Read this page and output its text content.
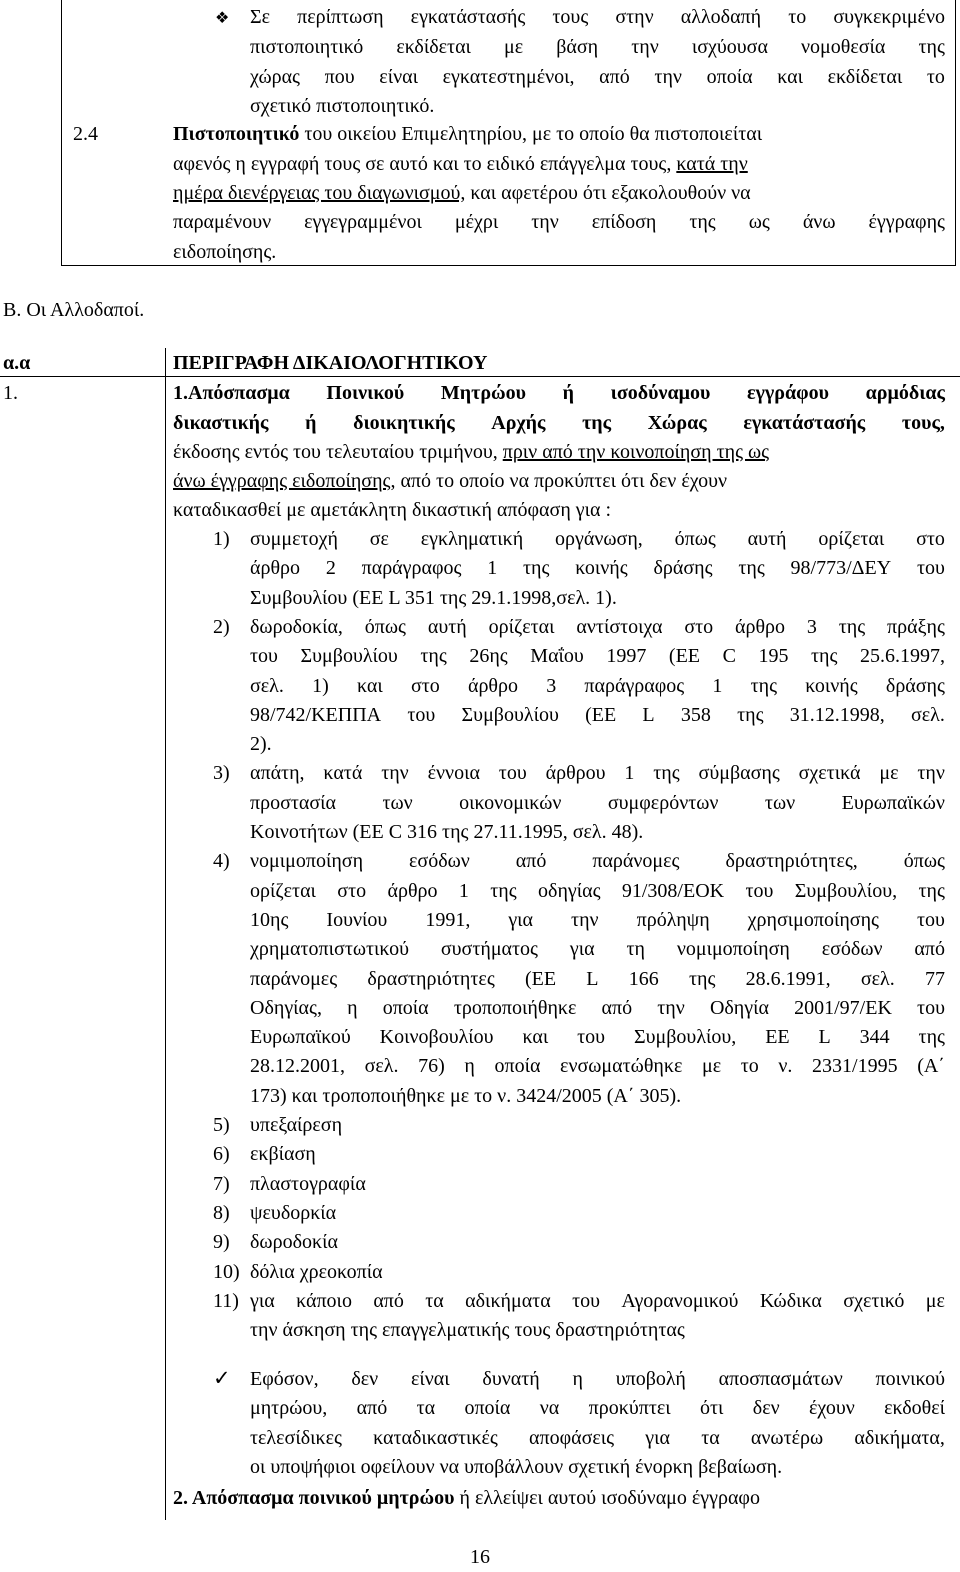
❖ Σε περίπτωση εγκατάστασής τους στην αλλοδαπή το συγκεκριμένο
πιστοποιητικό εκδίδεται με βάση την ισχύουσα νομοθεσία της
χώρας που είναι εγκατεστημένοι, από την οποία και εκδίδεται το
σχετικό πιστοποιητικό.
2.4	Πιστοποιητικό του οικείου Επιμελητηρίου, με το οποίο θα πιστοποιείται
αφενός η εγγραφή τους σε αυτό και το ειδικό επάγγελμα τους, κατά την
ημέρα διενέργειας του διαγωνισμού, και αφετέρου ότι εξακολουθούν να
παραμένουν εγγεγραμμένοι μέχρι την επίδοση της ως άνω έγγραφης
ειδοποίησης.
Β. Οι Αλλοδαποί.
α.α	ΠΕΡΙΓΡΑΦΗ ΔΙΚΑΙΟΛΟΓΗΤΙΚΟΥ
1.	1.Απόσπασμα Ποινικού Μητρώου ή ισοδύναμου εγγράφου αρμόδιας
δικαστικής ή διοικητικής Αρχής της Χώρας εγκατάστασής τους,
έκδοσης εντός του τελευταίου τριμήνου, πριν από την κοινοποίηση της ως
άνω έγγραφης ειδοποίησης, από το οποίο να προκύπτει ότι δεν έχουν
καταδικασθεί με αμετάκλητη δικαστική απόφαση για :
1) συμμετοχή σε εγκληματική οργάνωση, όπως αυτή ορίζεται στο
άρθρο 2 παράγραφος 1 της κοινής δράσης της 98/773/ΔΕΥ του
Συμβουλίου (ΕΕ L 351 της 29.1.1998,σελ. 1).
2) δωροδοκία, όπως αυτή ορίζεται αντίστοιχα στο άρθρο 3 της πράξης
του Συμβουλίου της 26ης Μαΐου 1997 (ΕΕ C 195 της 25.6.1997,
σελ. 1) και στο άρθρο 3 παράγραφος 1 της κοινής δράσης
98/742/ΚΕΠΠΑ του Συμβουλίου (ΕΕ L 358 της 31.12.1998, σελ.
2).
3) απάτη, κατά την έννοια του άρθρου 1 της σύμβασης σχετικά με την
προστασία των οικονομικών συμφερόντων των Ευρωπαϊκών
Κοινοτήτων (ΕΕ C 316 της 27.11.1995, σελ. 48).
4) νομιμοποίηση εσόδων από παράνομες δραστηριότητες, όπως
ορίζεται στο άρθρο 1 της οδηγίας 91/308/ΕΟΚ του Συμβουλίου, της
10ης Ιουνίου 1991, για την πρόληψη χρησιμοποίησης του
χρηματοπιστωτικού συστήματος για τη νομιμοποίηση εσόδων από
παράνομες δραστηριότητες (ΕΕ L 166 της 28.6.1991, σελ. 77
Οδηγίας, η οποία τροποποιήθηκε από την Οδηγία 2001/97/ΕΚ του
Ευρωπαϊκού Κοινοβουλίου και του Συμβουλίου, ΕΕ L 344 της
28.12.2001, σελ. 76) η οποία ενσωματώθηκε με το ν. 2331/1995 (Α΄
173) και τροποποιήθηκε με το ν. 3424/2005 (Α΄ 305).
5) υπεξαίρεση
6) εκβίαση
7) πλαστογραφία
8) ψευδορκία
9) δωροδοκία
10) δόλια χρεοκοπία
11) για κάποιο από τα αδικήματα του Αγορανομικού Κώδικα σχετικό με
την άσκηση της επαγγελματικής τους δραστηριότητας
✓ Εφόσον, δεν είναι δυνατή η υποβολή αποσπασμάτων ποινικού
μητρώου, από τα οποία να προκύπτει ότι δεν έχουν εκδοθεί
τελεσίδικες καταδικαστικές αποφάσεις για τα ανωτέρω αδικήματα,
οι υποψήφιοι οφείλουν να υποβάλλουν σχετική ένορκη βεβαίωση.
2. Απόσπασμα ποινικού μητρώου ή ελλείψει αυτού ισοδύναμο έγγραφο
16
